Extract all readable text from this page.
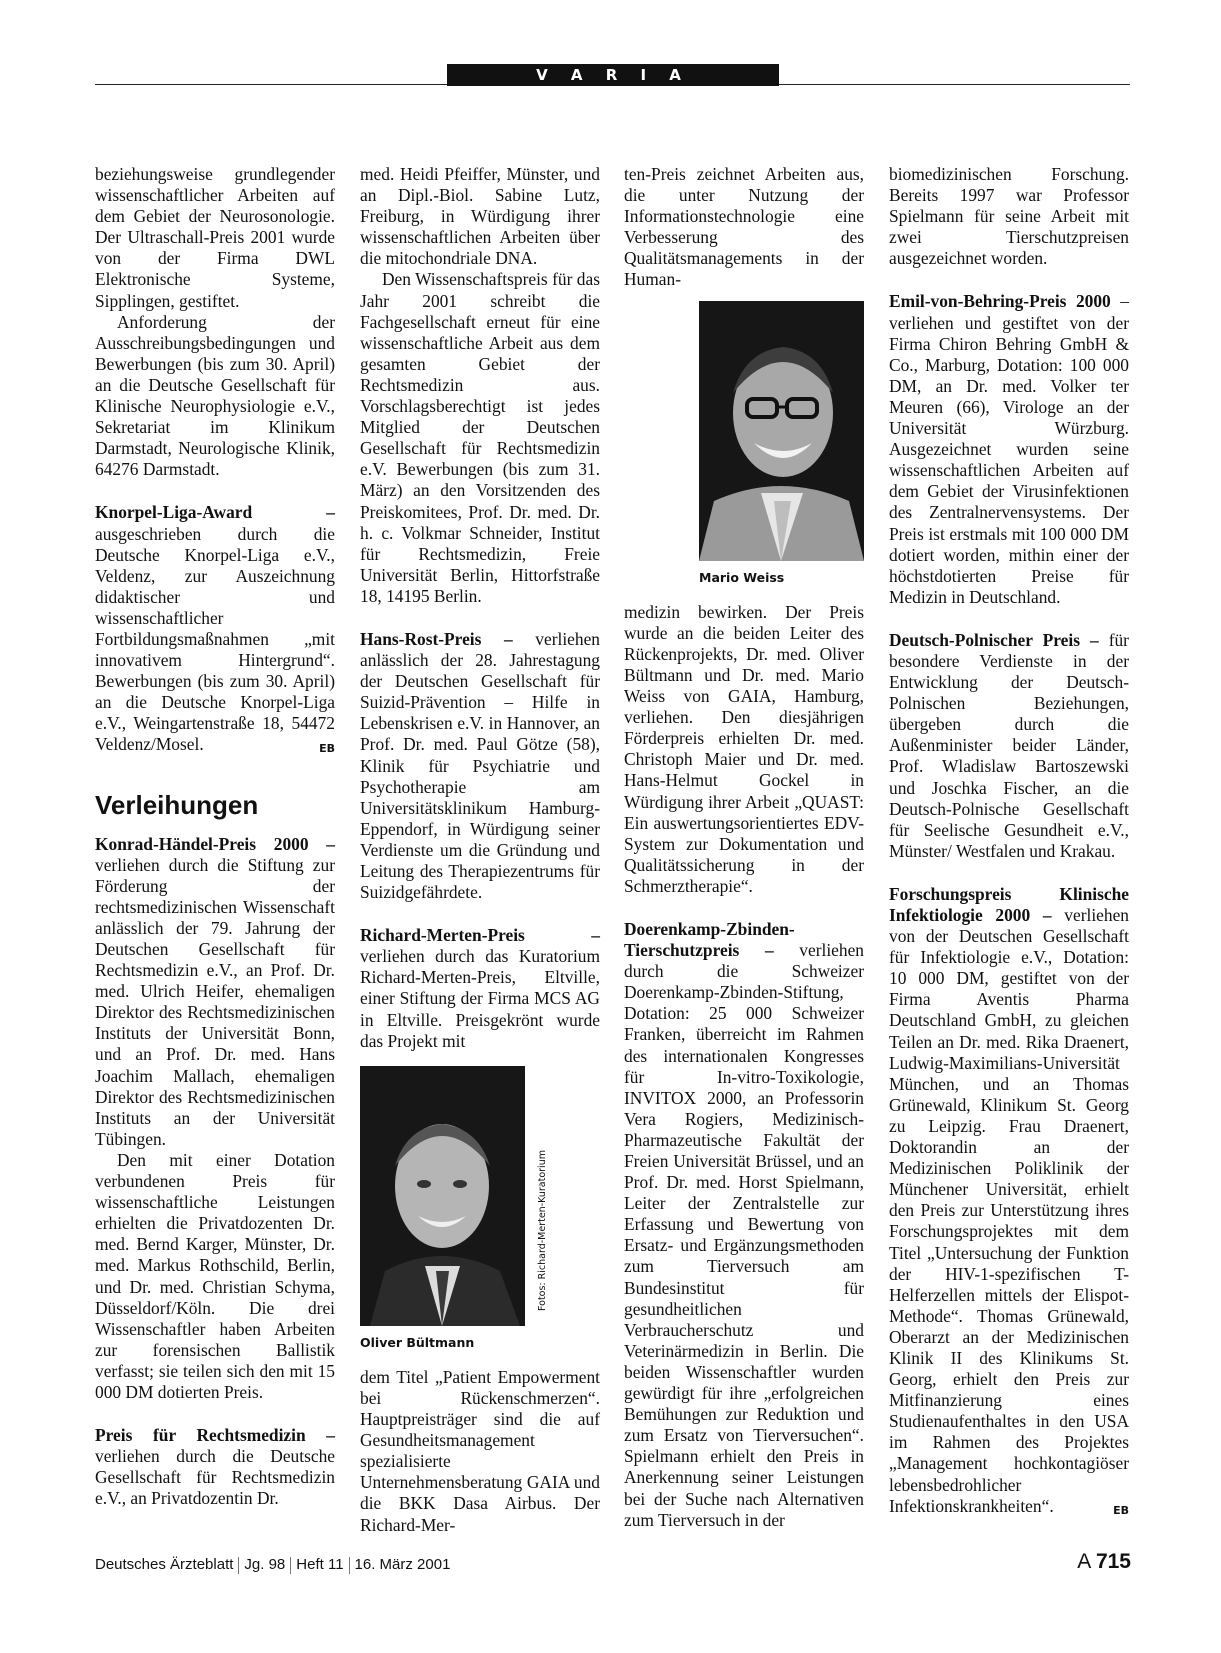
V A R I A

beziehungsweise grundlegender wissenschaftlicher Arbeiten auf dem Gebiet der Neurosonologie. Der Ultraschall-Preis 2001 wurde von der Firma DWL Elektronische Systeme, Sipplingen, gestiftet.

Anforderung der Ausschreibungsbedingungen und Bewerbungen (bis zum 30. April) an die Deutsche Gesellschaft für Klinische Neurophysiologie e.V., Sekretariat im Klinikum Darmstadt, Neurologische Klinik, 64276 Darmstadt.

Knorpel-Liga-Award – ausgeschrieben durch die Deutsche Knorpel-Liga e.V., Veldenz, zur Auszeichnung didaktischer und wissenschaftlicher Fortbildungsmaßnahmen „mit innovativem Hintergrund“. Bewerbungen (bis zum 30. April) an die Deutsche Knorpel-Liga e.V., Weingartenstraße 18, 54472 Veldenz/Mosel.	EB

Verleihungen

Konrad-Händel-Preis 2000 – verliehen durch die Stiftung zur Förderung der rechtsmedizinischen Wissenschaft anlässlich der 79. Jahrung der Deutschen Gesellschaft für Rechtsmedizin e.V., an Prof. Dr. med. Ulrich Heifer, ehemaligen Direktor des Rechtsmedizinischen Instituts der Universität Bonn, und an Prof. Dr. med. Hans Joachim Mallach, ehemaligen Direktor des Rechtsmedizinischen Instituts an der Universität Tübingen.

Den mit einer Dotation verbundenen Preis für wissenschaftliche Leistungen erhielten die Privatdozenten Dr. med. Bernd Karger, Münster, Dr. med. Markus Rothschild, Berlin, und Dr. med. Christian Schyma, Düsseldorf/Köln. Die drei Wissenschaftler haben Arbeiten zur forensischen Ballistik verfasst; sie teilen sich den mit 15 000 DM dotierten Preis.

Preis für Rechtsmedizin – verliehen durch die Deutsche Gesellschaft für Rechtsmedizin e.V., an Privatdozentin Dr.

med. Heidi Pfeiffer, Münster, und an Dipl.-Biol. Sabine Lutz, Freiburg, in Würdigung ihrer wissenschaftlichen Arbeiten über die mitochondriale DNA.

Den Wissenschaftspreis für das Jahr 2001 schreibt die Fachgesellschaft erneut für eine wissenschaftliche Arbeit aus dem gesamten Gebiet der Rechtsmedizin aus. Vorschlagsberechtigt ist jedes Mitglied der Deutschen Gesellschaft für Rechtsmedizin e.V. Bewerbungen (bis zum 31. März) an den Vorsitzenden des Preiskomitees, Prof. Dr. med. Dr. h. c. Volkmar Schneider, Institut für Rechtsmedizin, Freie Universität Berlin, Hittorfstraße 18, 14195 Berlin.

Hans-Rost-Preis – verliehen anlässlich der 28. Jahrestagung der Deutschen Gesellschaft für Suizid-Prävention – Hilfe in Lebenskrisen e.V. in Hannover, an Prof. Dr. med. Paul Götze (58), Klinik für Psychiatrie und Psychotherapie am Universitätsklinikum Hamburg-Eppendorf, in Würdigung seiner Verdienste um die Gründung und Leitung des Therapiezentrums für Suizidgefährdete.

Richard-Merten-Preis – verliehen durch das Kuratorium Richard-Merten-Preis, Eltville, einer Stiftung der Firma MCS AG in Eltville. Preisgekrönt wurde das Projekt mit

Oliver Bültmann
Fotos: Richard-Merten-Kuratorium

dem Titel „Patient Empowerment bei Rückenschmerzen“. Hauptpreisträger sind die auf Gesundheitsmanagement spezialisierte Unternehmensberatung GAIA und die BKK Dasa Airbus. Der Richard-Mer-

ten-Preis zeichnet Arbeiten aus, die unter Nutzung der Informationstechnologie eine Verbesserung des Qualitätsmanagements in der Human-

Mario Weiss

medizin bewirken. Der Preis wurde an die beiden Leiter des Rückenprojekts, Dr. med. Oliver Bültmann und Dr. med. Mario Weiss von GAIA, Hamburg, verliehen. Den diesjährigen Förderpreis erhielten Dr. med. Christoph Maier und Dr. med. Hans-Helmut Gockel in Würdigung ihrer Arbeit „QUAST: Ein auswertungsorientiertes EDV-System zur Dokumentation und Qualitätssicherung in der Schmerztherapie“.

Doerenkamp-Zbinden-Tierschutzpreis – verliehen durch die Schweizer Doerenkamp-Zbinden-Stiftung, Dotation: 25 000 Schweizer Franken, überreicht im Rahmen des internationalen Kongresses für In-vitro-Toxikologie, INVITOX 2000, an Professorin Vera Rogiers, Medizinisch-Pharmazeutische Fakultät der Freien Universität Brüssel, und an Prof. Dr. med. Horst Spielmann, Leiter der Zentralstelle zur Erfassung und Bewertung von Ersatz- und Ergänzungsmethoden zum Tierversuch am Bundesinstitut für gesundheitlichen Verbraucherschutz und Veterinärmedizin in Berlin. Die beiden Wissenschaftler wurden gewürdigt für ihre „erfolgreichen Bemühungen zur Reduktion und zum Ersatz von Tierversuchen“. Spielmann erhielt den Preis in Anerkennung seiner Leistungen bei der Suche nach Alternativen zum Tierversuch in der

biomedizinischen Forschung. Bereits 1997 war Professor Spielmann für seine Arbeit mit zwei Tierschutzpreisen ausgezeichnet worden.

Emil-von-Behring-Preis 2000 – verliehen und gestiftet von der Firma Chiron Behring GmbH & Co., Marburg, Dotation: 100 000 DM, an Dr. med. Volker ter Meuren (66), Virologe an der Universität Würzburg. Ausgezeichnet wurden seine wissenschaftlichen Arbeiten auf dem Gebiet der Virusinfektionen des Zentralnervensystems. Der Preis ist erstmals mit 100 000 DM dotiert worden, mithin einer der höchstdotierten Preise für Medizin in Deutschland.

Deutsch-Polnischer Preis – für besondere Verdienste in der Entwicklung der Deutsch-Polnischen Beziehungen, übergeben durch die Außenminister beider Länder, Prof. Wladislaw Bartoszewski und Joschka Fischer, an die Deutsch-Polnische Gesellschaft für Seelische Gesundheit e.V., Münster/ Westfalen und Krakau.

Forschungspreis Klinische Infektiologie 2000 – verliehen von der Deutschen Gesellschaft für Infektiologie e.V., Dotation: 10 000 DM, gestiftet von der Firma Aventis Pharma Deutschland GmbH, zu gleichen Teilen an Dr. med. Rika Draenert, Ludwig-Maximilians-Universität München, und an Thomas Grünewald, Klinikum St. Georg zu Leipzig. Frau Draenert, Doktorandin an der Medizinischen Poliklinik der Münchener Universität, erhielt den Preis zur Unterstützung ihres Forschungsprojektes mit dem Titel „Untersuchung der Funktion der HIV-1-spezifischen T-Helferzellen mittels der Elispot-Methode“. Thomas Grünewald, Oberarzt an der Medizinischen Klinik II des Klinikums St. Georg, erhielt den Preis zur Mitfinanzierung eines Studienaufenthaltes in den USA im Rahmen des Projektes „Management hochkontagiöser lebensbedrohlicher Infektionskrankheiten“.	EB

Deutsches Ärzteblatt Jg. 98 Heft 11 16. März 2001	A 715
